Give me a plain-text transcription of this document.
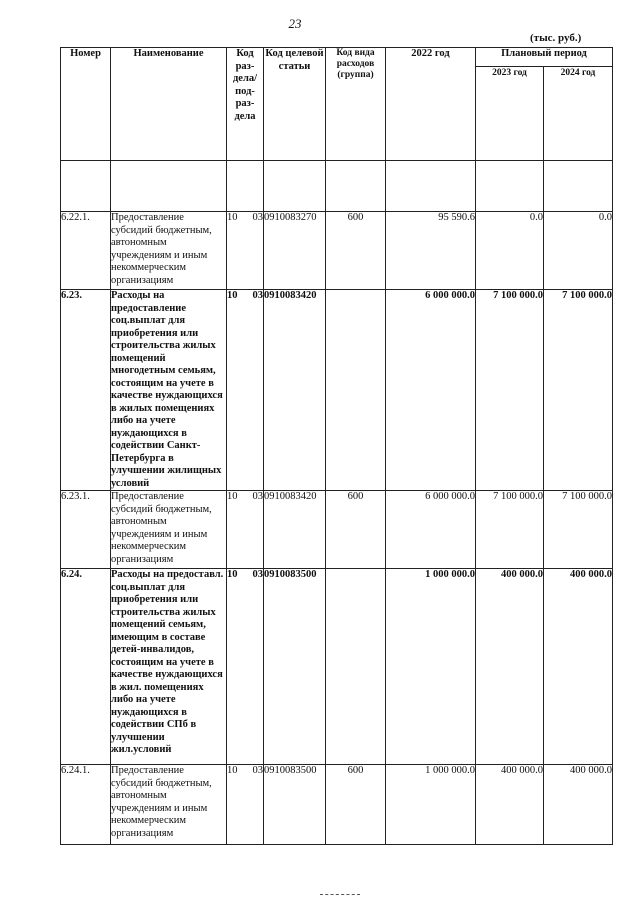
23
(тыс. руб.)
Номер	Наименование	Код раз-дела/ под-раз-дела	Код целевой статьи	Код вида расходов (группа)	2022 год	Плановый период	
						2023 год	2024 год

6.22.1.	Предоставление субсидий бюджетным, автономным учреждениям и иным некоммерческим организациям	10 03	0910083270	600	95 590.6	0.0	0.0
6.23.	Расходы на предоставление соц.выплат для приобретения или строительства жилых помещений многодетным семьям, состоящим на учете в качестве нуждающихся в жилых помещениях либо на учете нуждающихся в содействии Санкт-Петербурга в улучшении жилищных условий	10 03	0910083420		6 000 000.0	7 100 000.0	7 100 000.0
6.23.1.	Предоставление субсидий бюджетным, автономным учреждениям и иным некоммерческим организациям	10 03	0910083420	600	6 000 000.0	7 100 000.0	7 100 000.0
6.24.	Расходы на предоставл. соц.выплат для приобретения или строительства жилых помещений семьям, имеющим в составе детей-инвалидов, состоящим на учете в качестве нуждающихся в жил. помещениях либо на учете нуждающихся в содействии СПб в улучшении жил.условий	10 03	0910083500		1 000 000.0	400 000.0	400 000.0
6.24.1.	Предоставление субсидий бюджетным, автономным учреждениям и иным некоммерческим организациям	10 03	0910083500	600	1 000 000.0	400 000.0	400 000.0
